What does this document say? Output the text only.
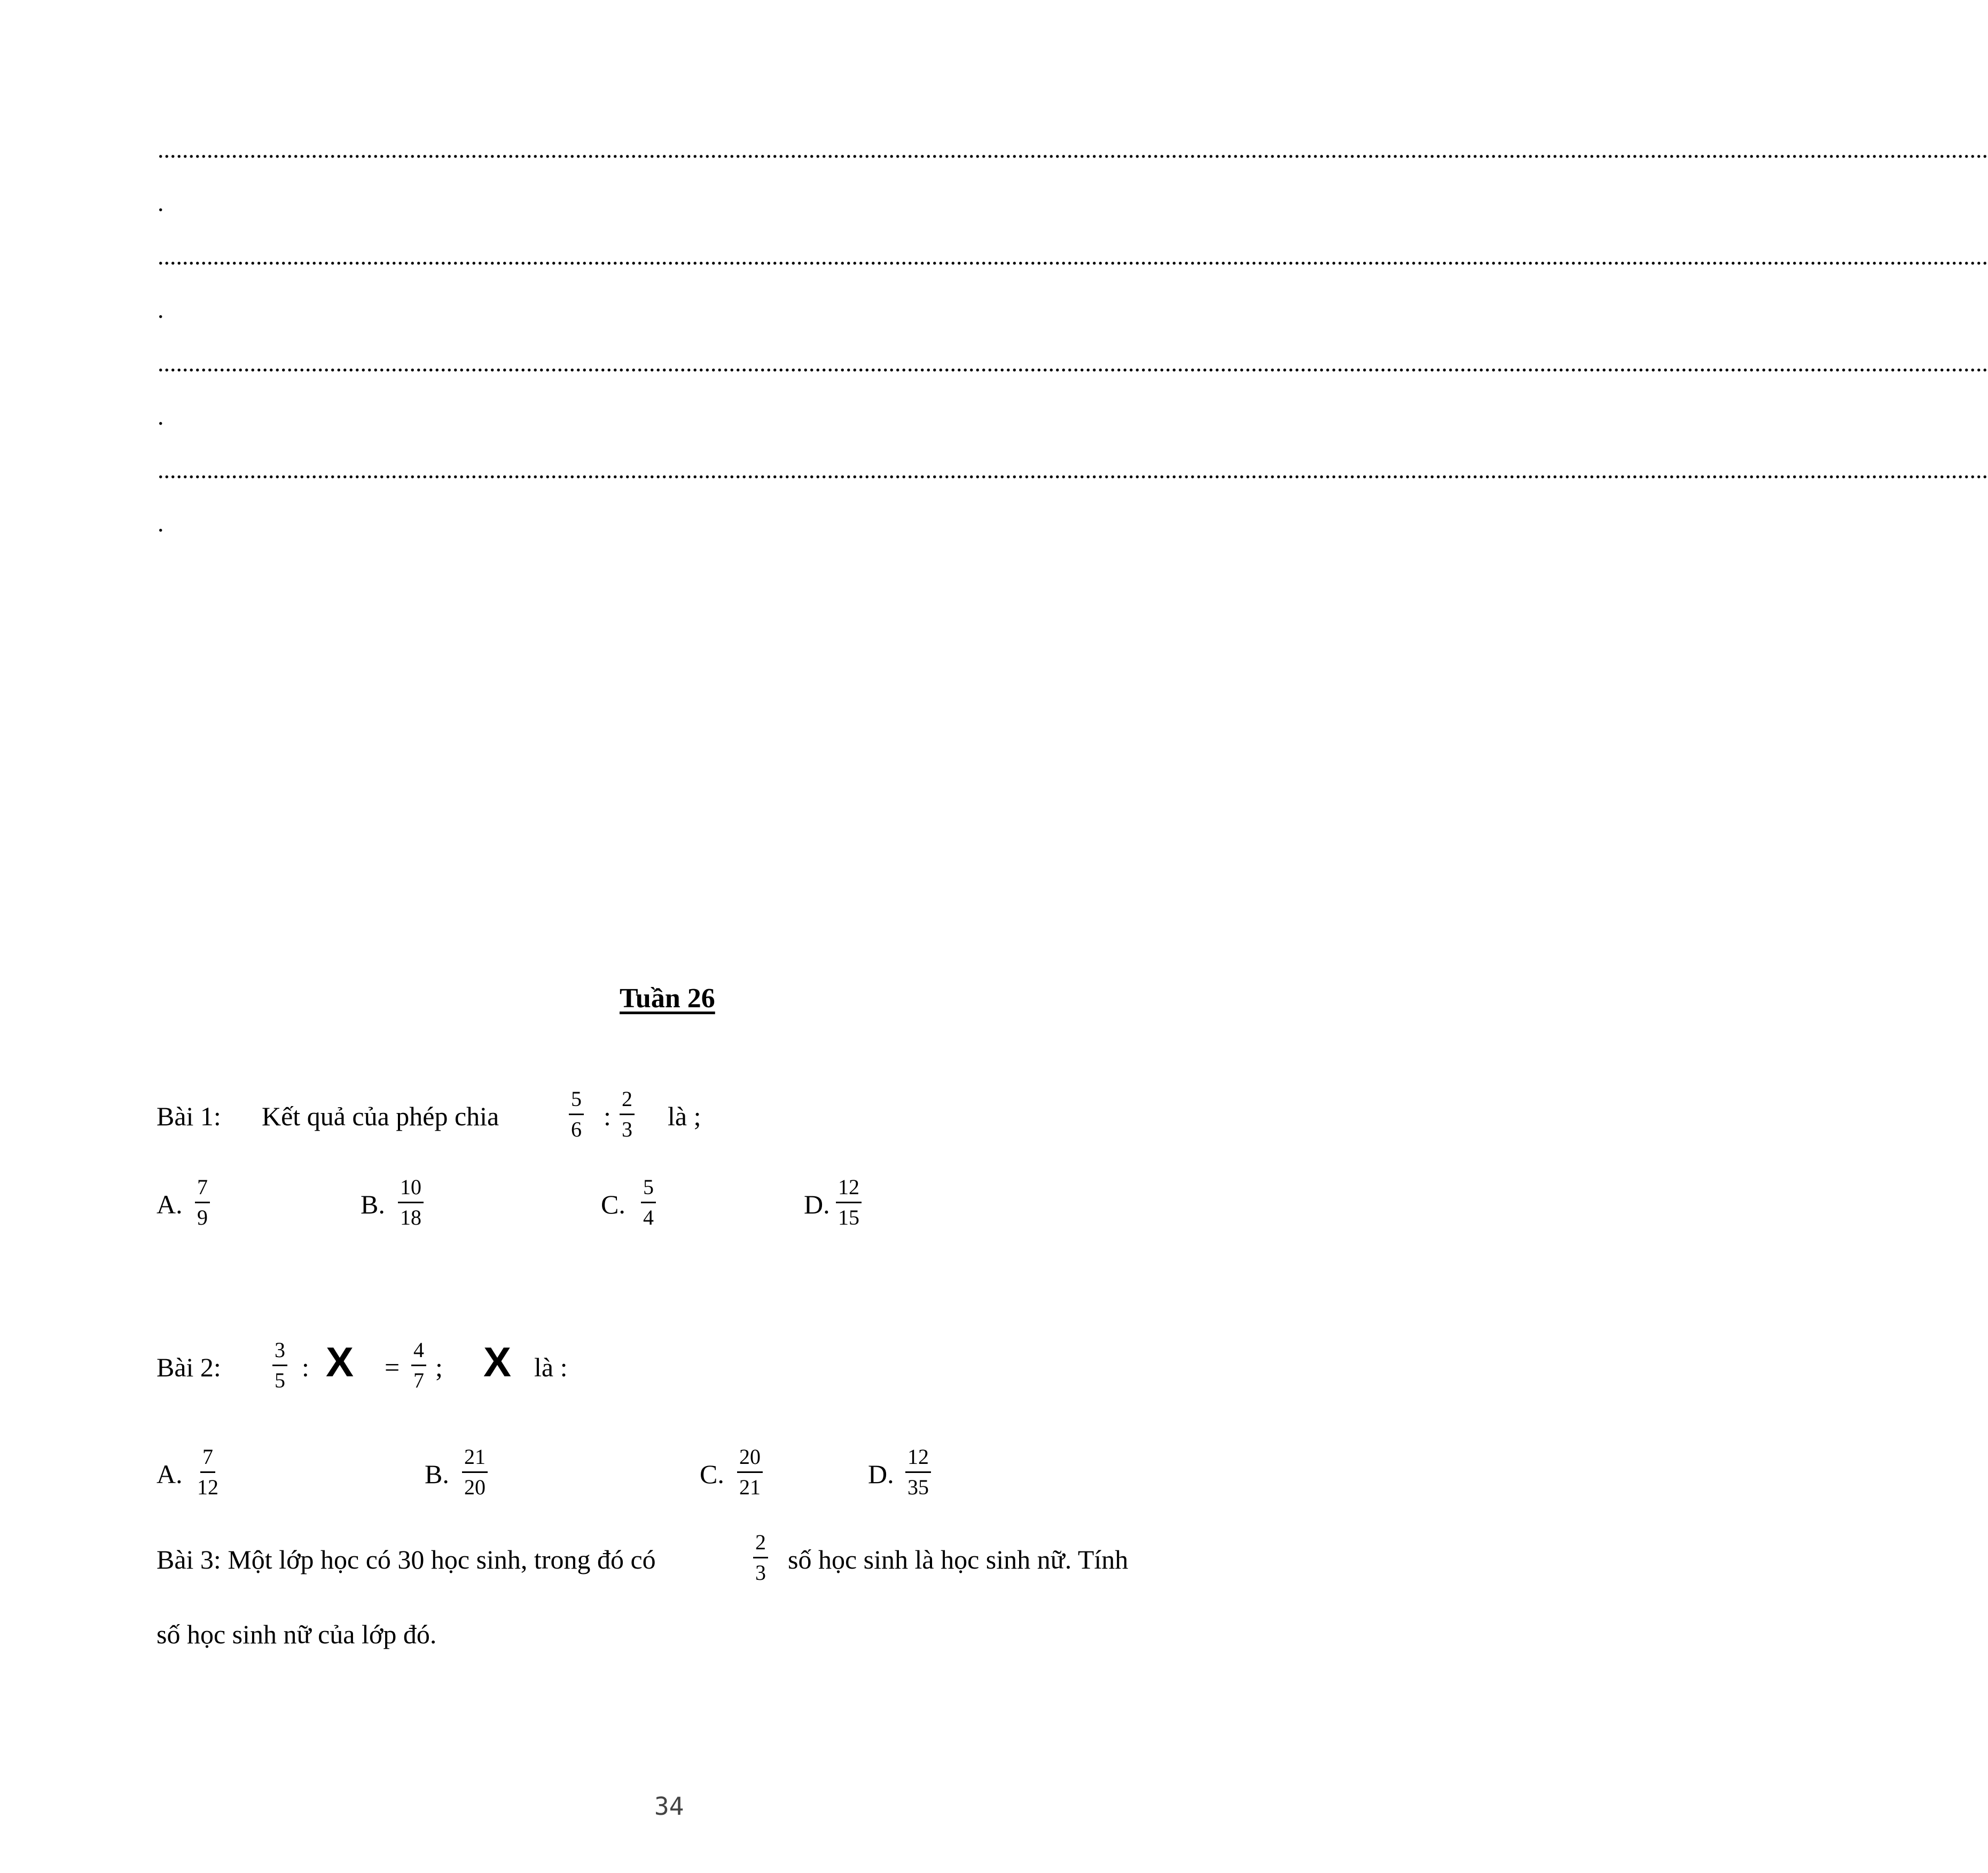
..........................................................................................................................................................................................................................................................................................................
.
..........................................................................................................................................................................................................................................................................................................
.
..........................................................................................................................................................................................................................................................................................................
.
..........................................................................................................................................................................................................................................................................................................
.
Tuần 26
Bài 1: Kết quả của phép chia	$\frac{5}{6}$ : $\frac{2}{3}$ là ;
A. $\frac{7}{9}$	B. $\frac{10}{18}$	C. $\frac{5}{4}$	D. $\frac{12}{15}$
Bài 2: $\frac{3}{5}$ : $X = \frac{4}{7}$ ; X là :
A. $\frac{7}{12}$	B. $\frac{21}{20}$	C. $\frac{20}{21}$	D. $\frac{12}{35}$
Bài 3: Một lớp học có 30 học sinh, trong đó có	$\frac{2}{3}$ số học sinh là học sinh nữ. Tính
số học sinh nữ của lớp đó.
34
